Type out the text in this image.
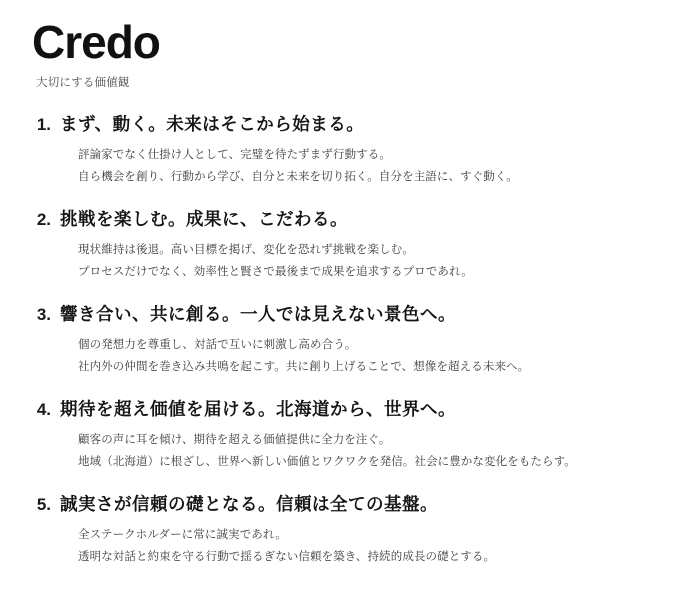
Credo
大切にする価値観
1. まず、動く。未来はそこから始まる。

評論家でなく仕掛け人として、完璧を待たずまず行動する。

自ら機会を創り、行動から学び、自分と未来を切り拓く。自分を主語に、すぐ動く。

2. 挑戦を楽しむ。成果に、こだわる。

現状維持は後退。高い目標を掲げ、変化を恐れず挑戦を楽しむ。

プロセスだけでなく、効率性と賢さで最後まで成果を追求するプロであれ。

3. 響き合い、共に創る。一人では見えない景色へ。

個の発想力を尊重し、対話で互いに刺激し高め合う。

社内外の仲間を巻き込み共鳴を起こす。共に創り上げることで、想像を超える未来へ。

4. 期待を超え価値を届ける。北海道から、世界へ。

顧客の声に耳を傾け、期待を超える価値提供に全力を注ぐ。

地域（北海道）に根ざし、世界へ新しい価値とワクワクを発信。社会に豊かな変化をもたらす。

5. 誠実さが信頼の礎となる。信頼は全ての基盤。

全ステークホルダーに常に誠実であれ。

透明な対話と約束を守る行動で揺るぎない信頼を築き、持続的成長の礎とする。
